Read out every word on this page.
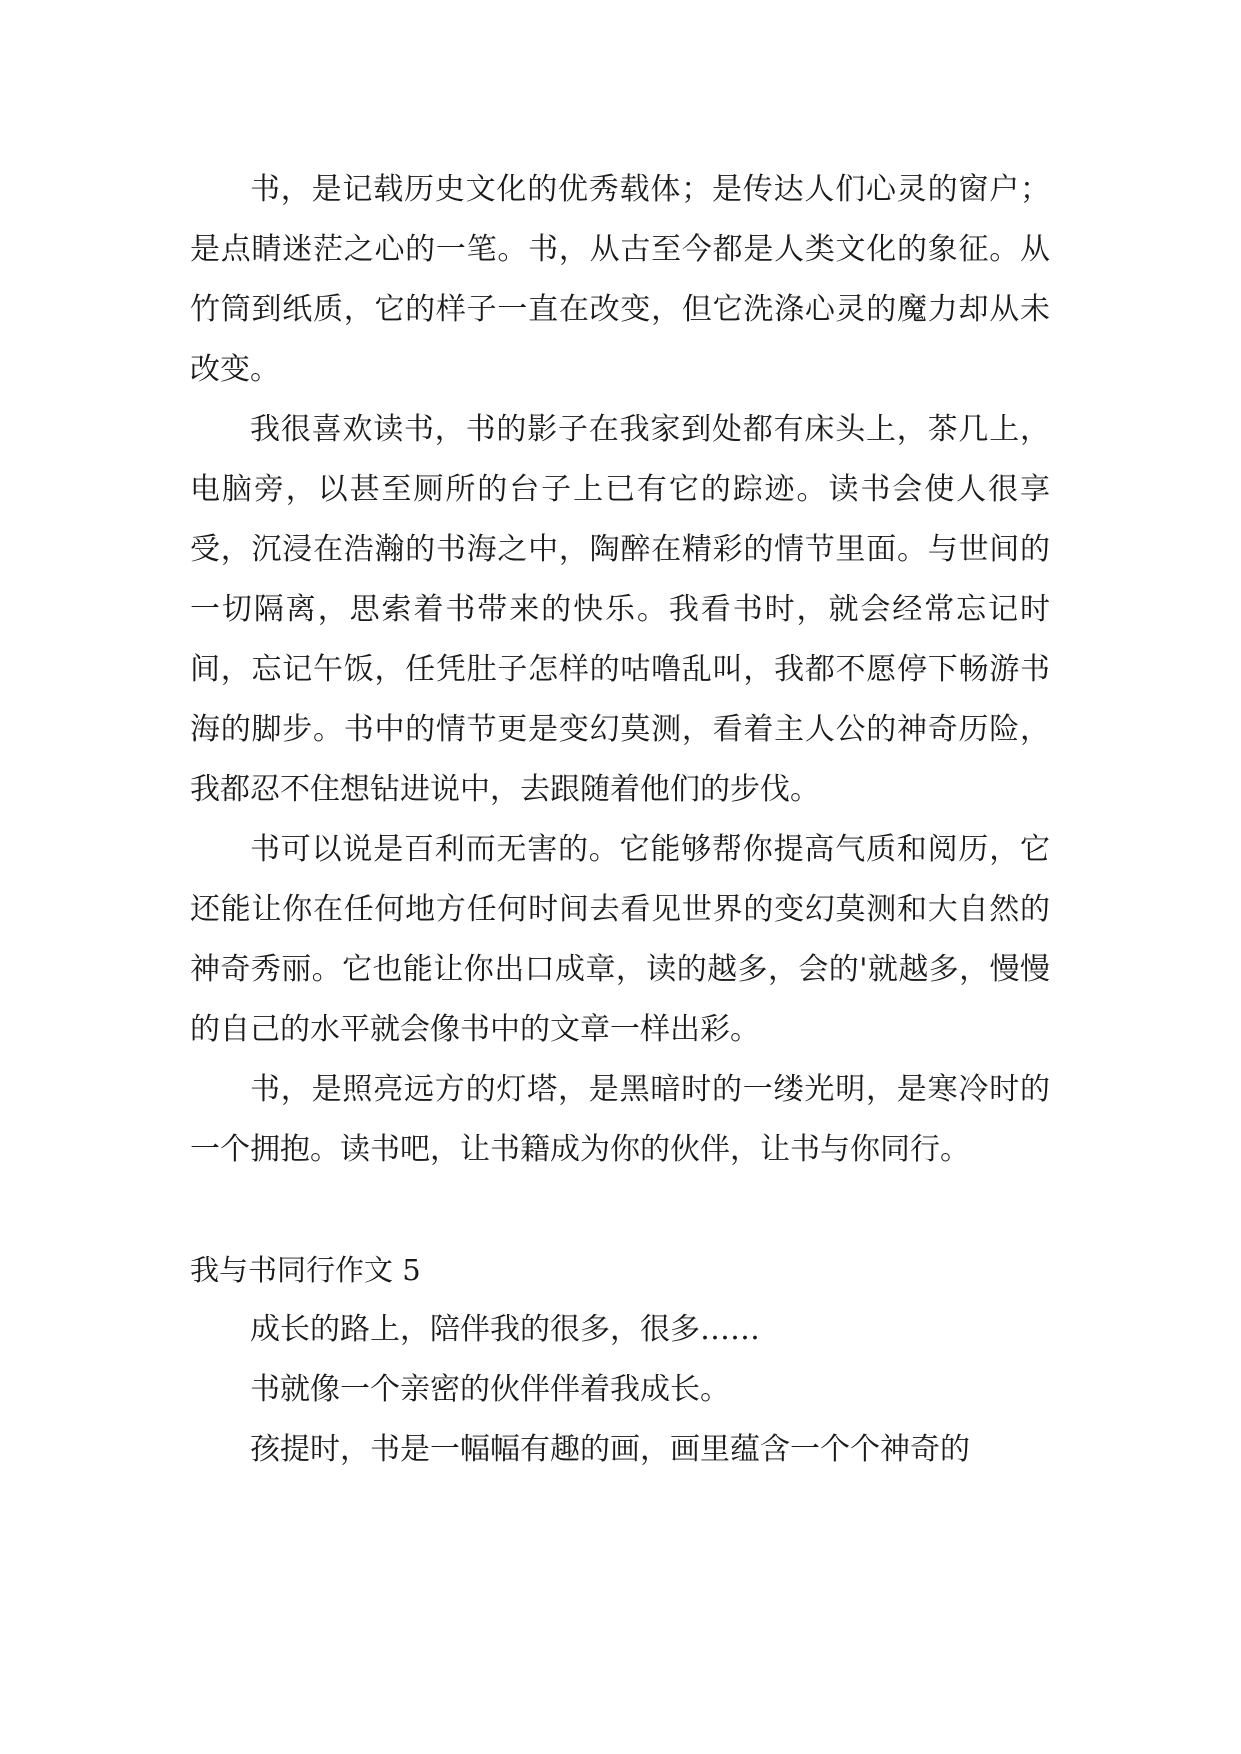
书，是记载历史文化的优秀载体；是传达人们心灵的窗户；是点睛迷茫之心的一笔。书，从古至今都是人类文化的象征。从竹筒到纸质，它的样子一直在改变，但它洗涤心灵的魔力却从未改变。

我很喜欢读书，书的影子在我家到处都有床头上，茶几上，电脑旁，以甚至厕所的台子上已有它的踪迹。读书会使人很享受，沉浸在浩瀚的书海之中，陶醉在精彩的情节里面。与世间的一切隔离，思索着书带来的快乐。我看书时，就会经常忘记时间，忘记午饭，任凭肚子怎样的咕噜乱叫，我都不愿停下畅游书海的脚步。书中的情节更是变幻莫测，看着主人公的神奇历险，我都忍不住想钻进说中，去跟随着他们的步伐。

书可以说是百利而无害的。它能够帮你提高气质和阅历，它还能让你在任何地方任何时间去看见世界的变幻莫测和大自然的神奇秀丽。它也能让你出口成章，读的越多，会的'就越多，慢慢的自己的水平就会像书中的文章一样出彩。

书，是照亮远方的灯塔，是黑暗时的一缕光明，是寒冷时的一个拥抱。读书吧，让书籍成为你的伙伴，让书与你同行。

我与书同行作文 5

成长的路上，陪伴我的很多，很多……

书就像一个亲密的伙伴伴着我成长。

孩提时，书是一幅幅有趣的画，画里蕴含一个个神奇的
